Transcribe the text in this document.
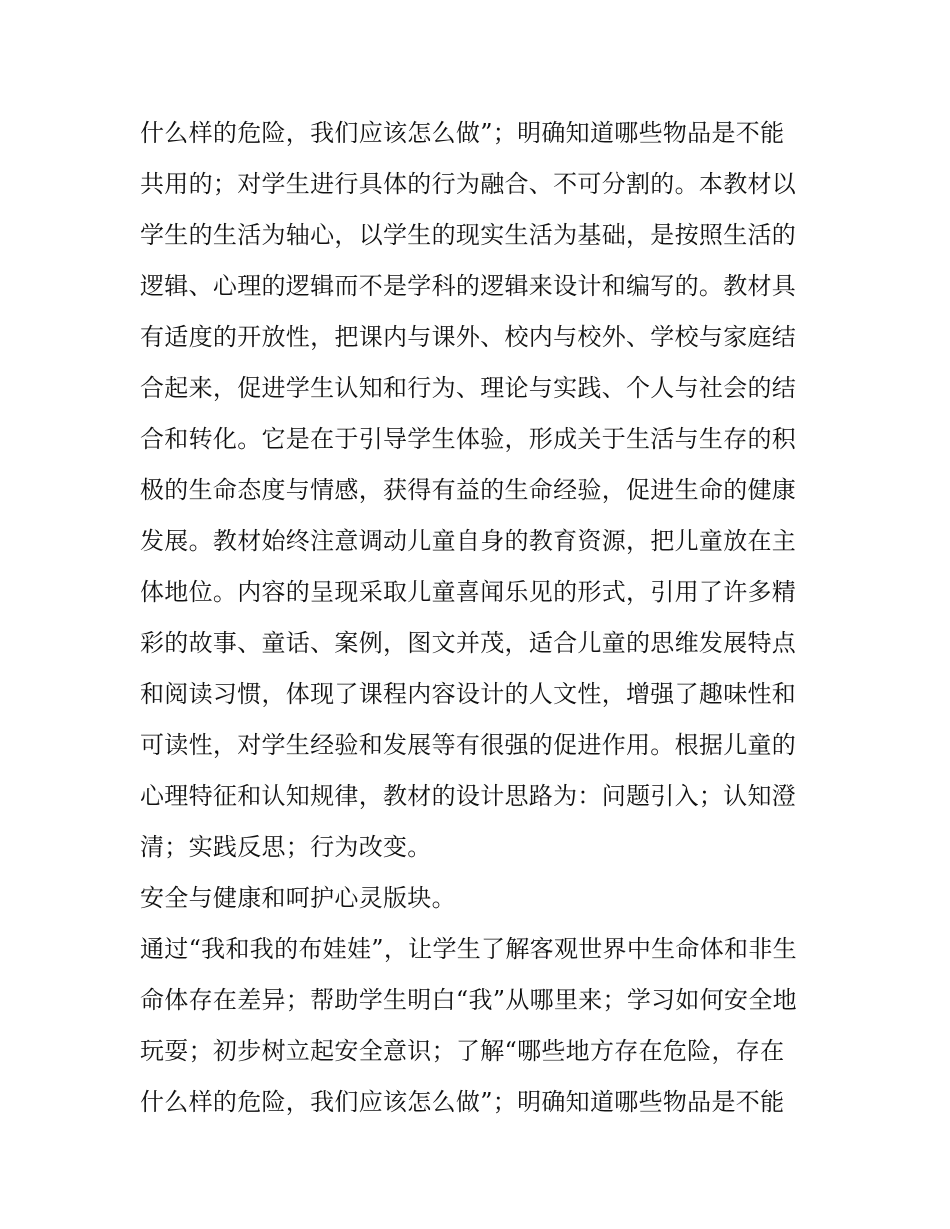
什么样的危险，我们应该怎么做”；明确知道哪些物品是不能
共用的；对学生进行具体的行为融合、不可分割的。本教材以
学生的生活为轴心，以学生的现实生活为基础，是按照生活的
逻辑、心理的逻辑而不是学科的逻辑来设计和编写的。教材具
有适度的开放性，把课内与课外、校内与校外、学校与家庭结
合起来，促进学生认知和行为、理论与实践、个人与社会的结
合和转化。它是在于引导学生体验，形成关于生活与生存的积
极的生命态度与情感，获得有益的生命经验，促进生命的健康
发展。教材始终注意调动儿童自身的教育资源，把儿童放在主
体地位。内容的呈现采取儿童喜闻乐见的形式，引用了许多精
彩的故事、童话、案例，图文并茂，适合儿童的思维发展特点
和阅读习惯，体现了课程内容设计的人文性，增强了趣味性和
可读性，对学生经验和发展等有很强的促进作用。根据儿童的
心理特征和认知规律，教材的设计思路为：问题引入；认知澄
清；实践反思；行为改变。
安全与健康和呵护心灵版块。
通过“我和我的布娃娃”，让学生了解客观世界中生命体和非生
命体存在差异；帮助学生明白“我”从哪里来；学习如何安全地
玩耍；初步树立起安全意识；了解“哪些地方存在危险，存在
什么样的危险，我们应该怎么做”；明确知道哪些物品是不能
